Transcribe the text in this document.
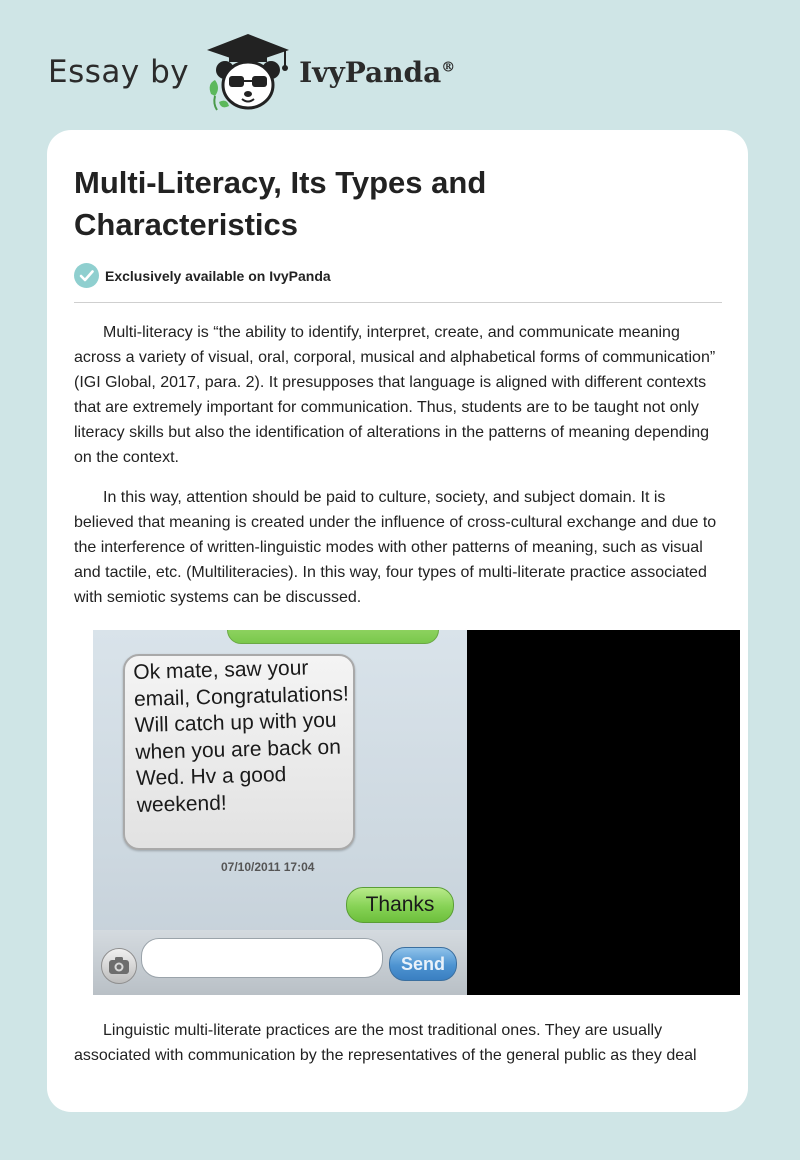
Essay by	IvyPanda®
Multi-Literacy, Its Types and Characteristics
Exclusively available on IvyPanda

Multi-literacy is “the ability to identify, interpret, create, and communicate meaning across a variety of visual, oral, corporal, musical and alphabetical forms of communication” (IGI Global, 2017, para. 2). It presupposes that language is aligned with different contexts that are extremely important for communication. Thus, students are to be taught not only literacy skills but also the identification of alterations in the patterns of meaning depending on the context.

In this way, attention should be paid to culture, society, and subject domain. It is believed that meaning is created under the influence of cross-cultural exchange and due to the interference of written-linguistic modes with other patterns of meaning, such as visual and tactile, etc. (Multiliteracies). In this way, four types of multi-literate practice associated with semiotic systems can be discussed.

Ok mate, saw your email, Congratulations! Will catch up with you when you are back on Wed. Hv a good weekend!

07/10/2011 17:04
Thanks
Send

Linguistic multi-literate practices are the most traditional ones. They are usually associated with communication by the representatives of the general public as they deal
